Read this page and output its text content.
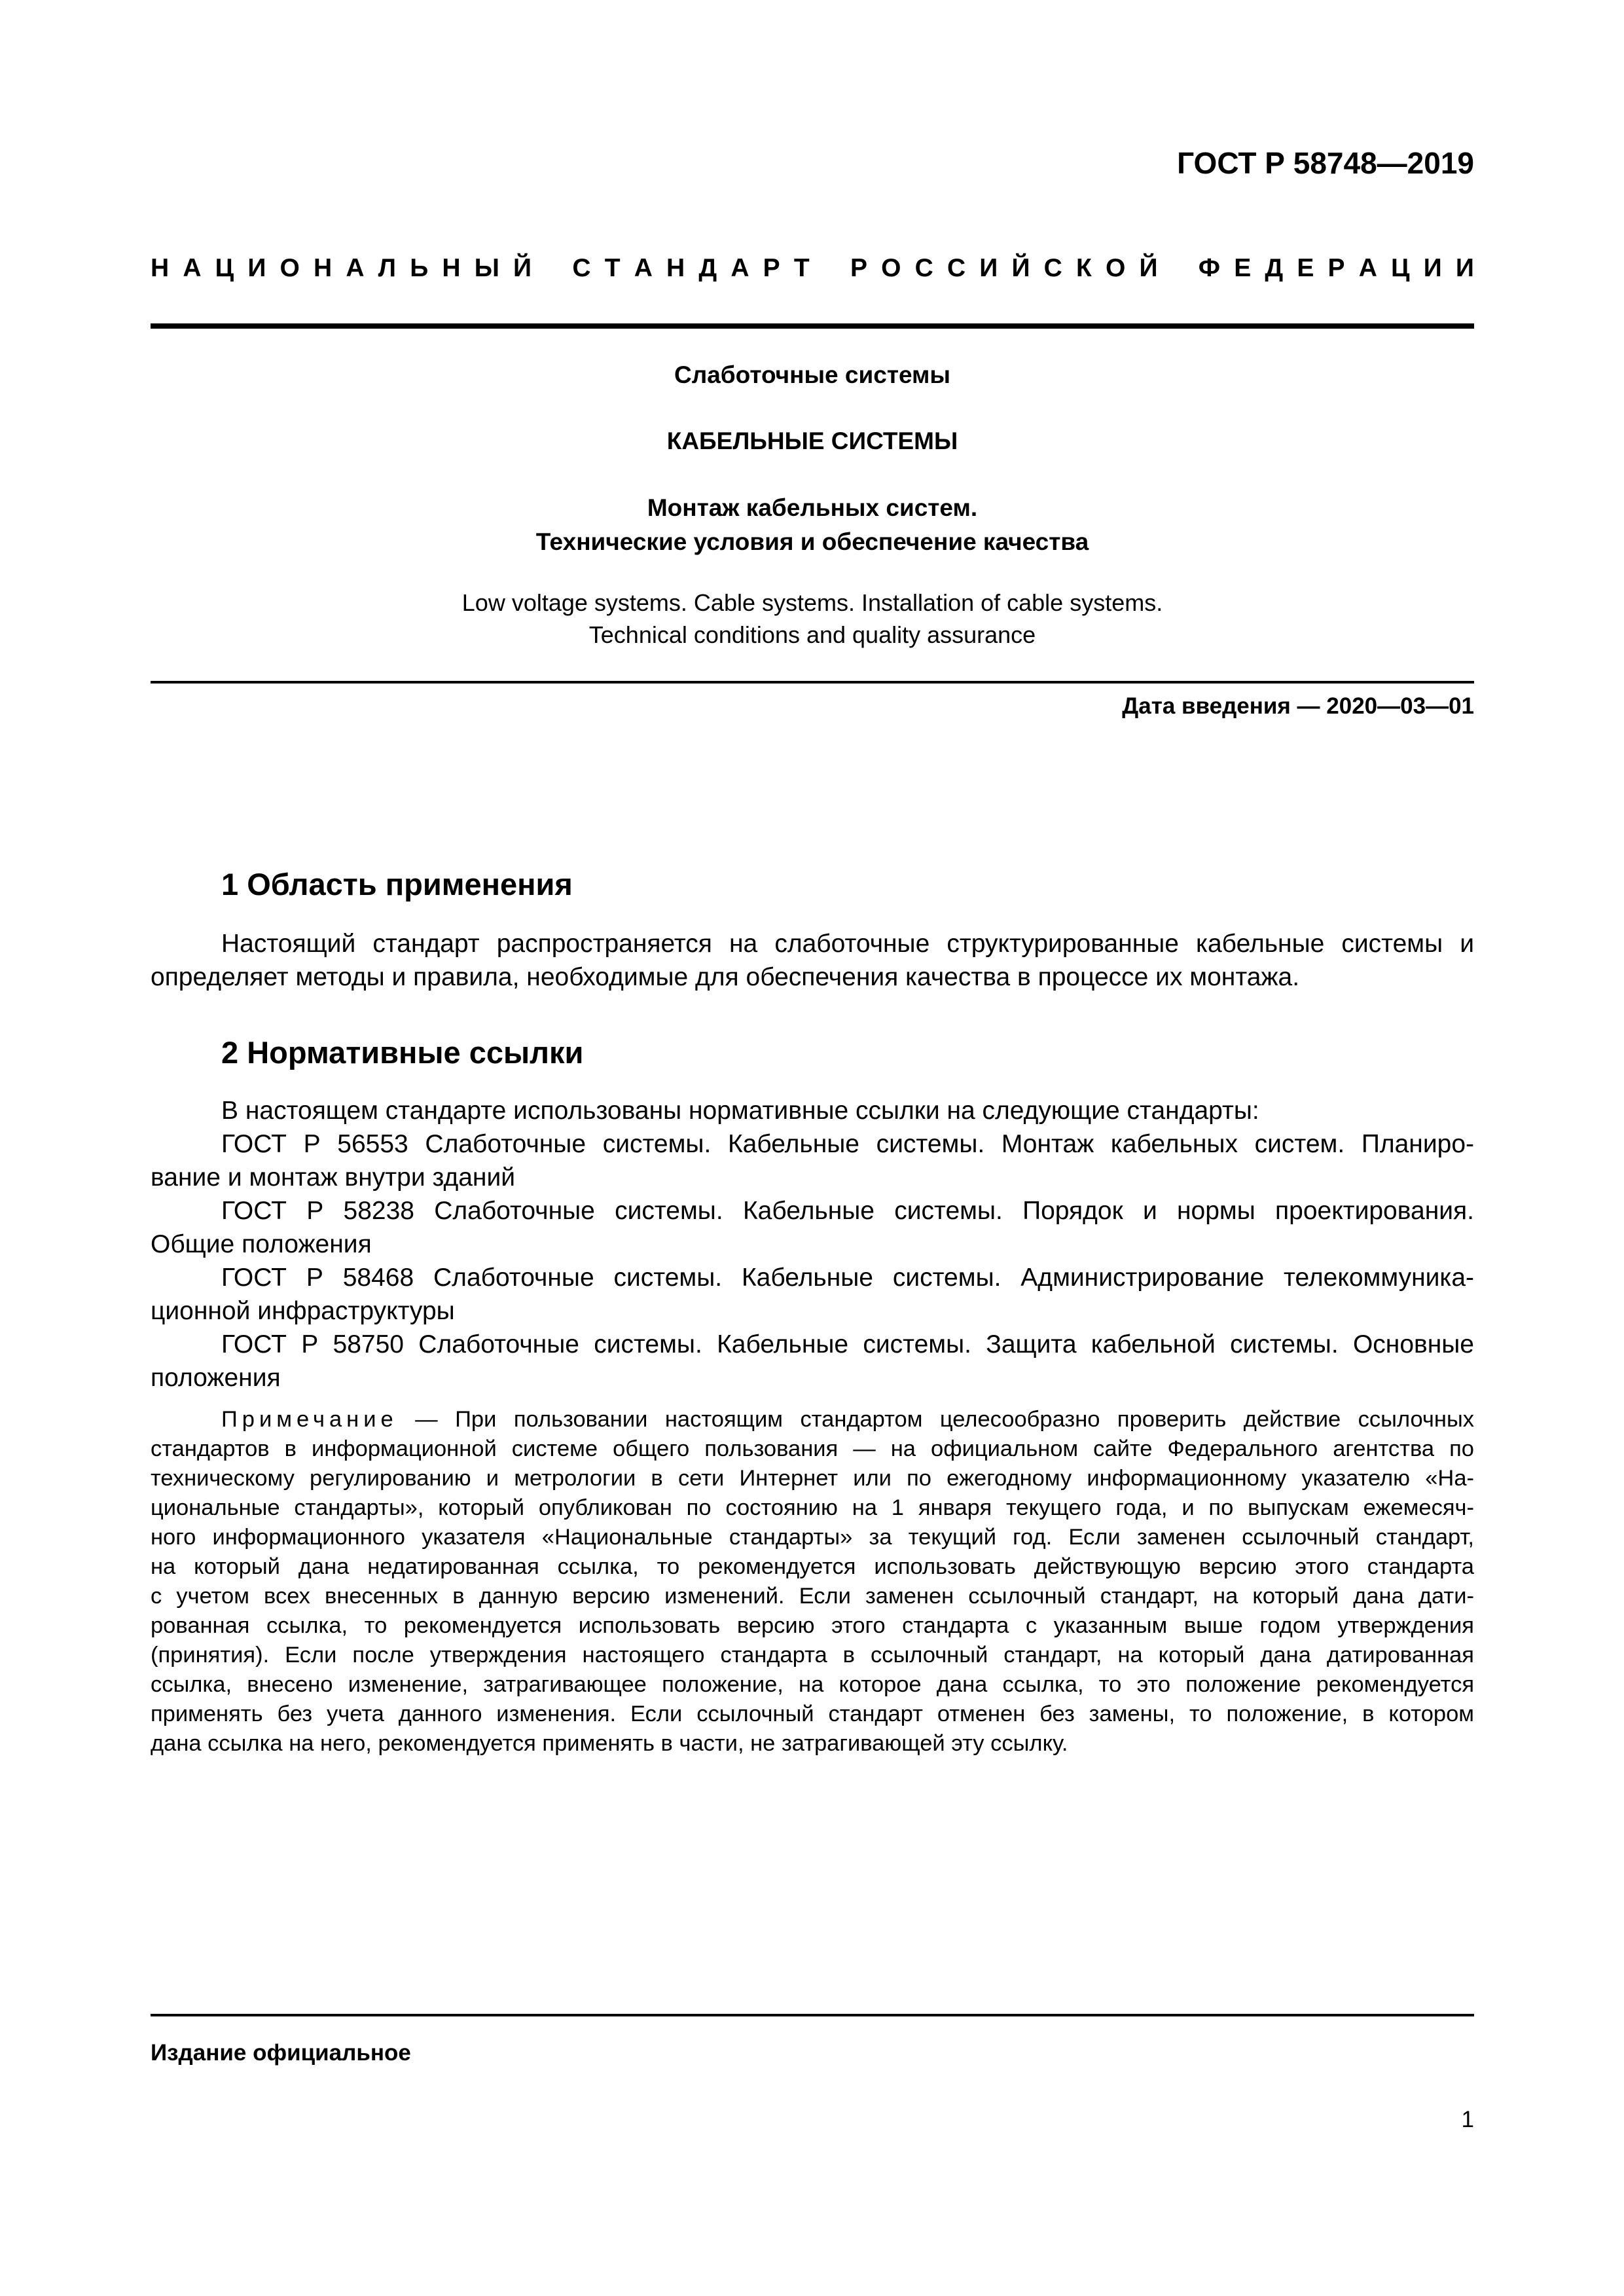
ГОСТ Р 58748—2019
Н А Ц И О Н А Л Ь Н Ы Й С Т А Н Д А Р Т Р О С С И Й С К О Й Ф Е Д Е Р А Ц И И
Слаботочные системы
КАБЕЛЬНЫЕ СИСТЕМЫ
Монтаж кабельных систем.
Технические условия и обеспечение качества
Low voltage systems. Cable systems. Installation of cable systems.
Technical conditions and quality assurance
Дата введения — 2020—03—01
1 Область применения
Настоящий стандарт распространяется на слаботочные структурированные кабельные системы и
определяет методы и правила, необходимые для обеспечения качества в процессе их монтажа.
2 Нормативные ссылки
В настоящем стандарте использованы нормативные ссылки на следующие стандарты:
ГОСТ Р 56553 Слаботочные системы. Кабельные системы. Монтаж кабельных систем. Планиро-
вание и монтаж внутри зданий
ГОСТ Р 58238 Слаботочные системы. Кабельные системы. Порядок и нормы проектирования.
Общие положения
ГОСТ Р 58468 Слаботочные системы. Кабельные системы. Администрирование телекоммуника-
ционной инфраструктуры
ГОСТ Р 58750 Слаботочные системы. Кабельные системы. Защита кабельной системы. Основные
положения
Примечание — При пользовании настоящим стандартом целесообразно проверить действие ссылочных
стандартов в информационной системе общего пользования — на официальном сайте Федерального агентства по
техническому регулированию и метрологии в сети Интернет или по ежегодному информационному указателю «На-
циональные стандарты», который опубликован по состоянию на 1 января текущего года, и по выпускам ежемесяч-
ного информационного указателя «Национальные стандарты» за текущий год. Если заменен ссылочный стандарт,
на который дана недатированная ссылка, то рекомендуется использовать действующую версию этого стандарта
с учетом всех внесенных в данную версию изменений. Если заменен ссылочный стандарт, на который дана дати-
рованная ссылка, то рекомендуется использовать версию этого стандарта с указанным выше годом утверждения
(принятия). Если после утверждения настоящего стандарта в ссылочный стандарт, на который дана датированная
ссылка, внесено изменение, затрагивающее положение, на которое дана ссылка, то это положение рекомендуется
применять без учета данного изменения. Если ссылочный стандарт отменен без замены, то положение, в котором
дана ссылка на него, рекомендуется применять в части, не затрагивающей эту ссылку.
Издание официальное
1
